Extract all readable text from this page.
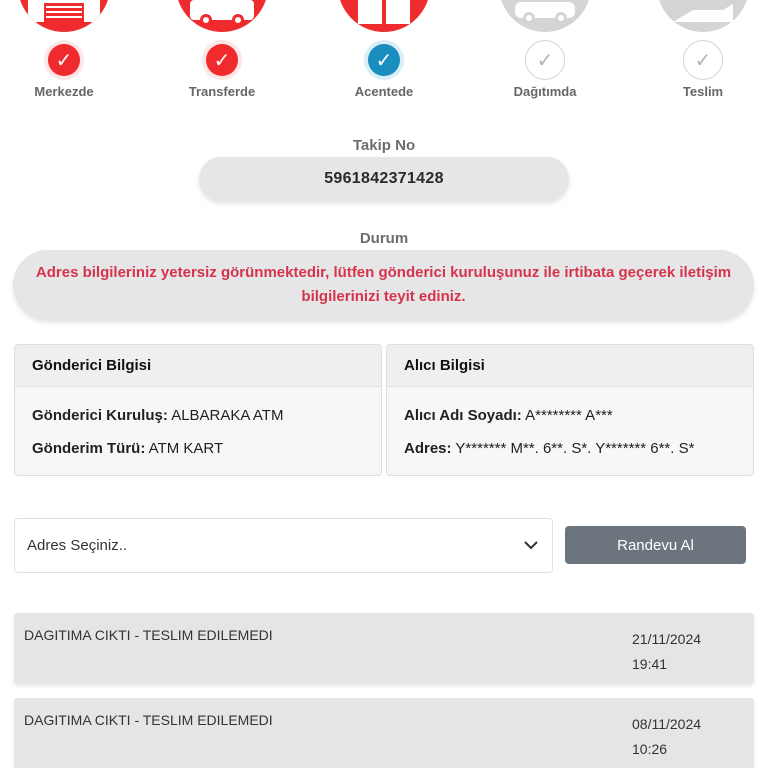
✓
Merkezde
✓
Transferde
✓
Acentede
✓
Dağıtımda
✓
Teslim
Takip No
5961842371428
Durum
Adres bilgileriniz yetersiz görünmektedir, lütfen gönderici kuruluşunuz ile irtibata geçerek iletişim bilgilerinizi teyit ediniz.
Gönderici Bilgisi
Gönderici Kuruluş: ALBARAKA ATM
Gönderim Türü: ATM KART
Alıcı Bilgisi
Alıcı Adı Soyadı: A******** A***
Adres: Y******* M**. 6**. S*. Y******* 6**. S*
Adres Seçiniz..	Randevu Al
DAGITIMA CIKTI - TESLIM EDILEMEDI	21/11/2024
19:41
DAGITIMA CIKTI - TESLIM EDILEMEDI	08/11/2024
10:26
